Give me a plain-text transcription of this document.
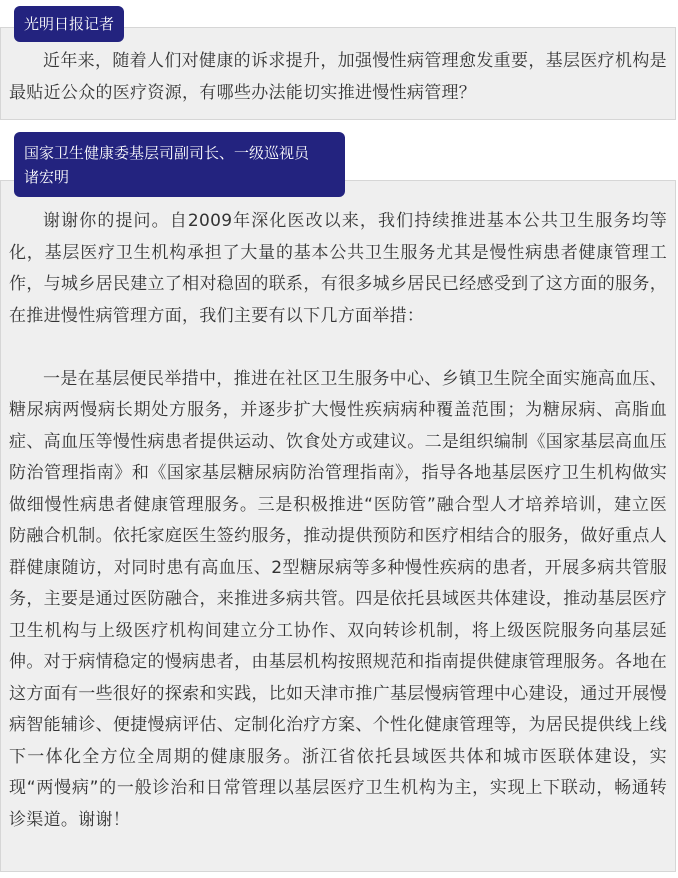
光明日报记者

近年来，随着人们对健康的诉求提升，加强慢性病管理愈发重要，基层医疗机构是最贴近公众的医疗资源，有哪些办法能切实推进慢性病管理？

国家卫生健康委基层司副司长、一级巡视员
诸宏明

谢谢你的提问。自2009年深化医改以来，我们持续推进基本公共卫生服务均等化，基层医疗卫生机构承担了大量的基本公共卫生服务尤其是慢性病患者健康管理工作，与城乡居民建立了相对稳固的联系，有很多城乡居民已经感受到了这方面的服务，在推进慢性病管理方面，我们主要有以下几方面举措：

一是在基层便民举措中，推进在社区卫生服务中心、乡镇卫生院全面实施高血压、糖尿病两慢病长期处方服务，并逐步扩大慢性疾病病种覆盖范围；为糖尿病、高脂血症、高血压等慢性病患者提供运动、饮食处方或建议。二是组织编制《国家基层高血压防治管理指南》和《国家基层糖尿病防治管理指南》，指导各地基层医疗卫生机构做实做细慢性病患者健康管理服务。三是积极推进“医防管”融合型人才培养培训，建立医防融合机制。依托家庭医生签约服务，推动提供预防和医疗相结合的服务，做好重点人群健康随访，对同时患有高血压、2型糖尿病等多种慢性疾病的患者，开展多病共管服务，主要是通过医防融合，来推进多病共管。四是依托县域医共体建设，推动基层医疗卫生机构与上级医疗机构间建立分工协作、双向转诊机制，将上级医院服务向基层延伸。对于病情稳定的慢病患者，由基层机构按照规范和指南提供健康管理服务。各地在这方面有一些很好的探索和实践，比如天津市推广基层慢病管理中心建设，通过开展慢病智能辅诊、便捷慢病评估、定制化治疗方案、个性化健康管理等，为居民提供线上线下一体化全方位全周期的健康服务。浙江省依托县域医共体和城市医联体建设，实现“两慢病”的一般诊治和日常管理以基层医疗卫生机构为主，实现上下联动，畅通转诊渠道。谢谢！
